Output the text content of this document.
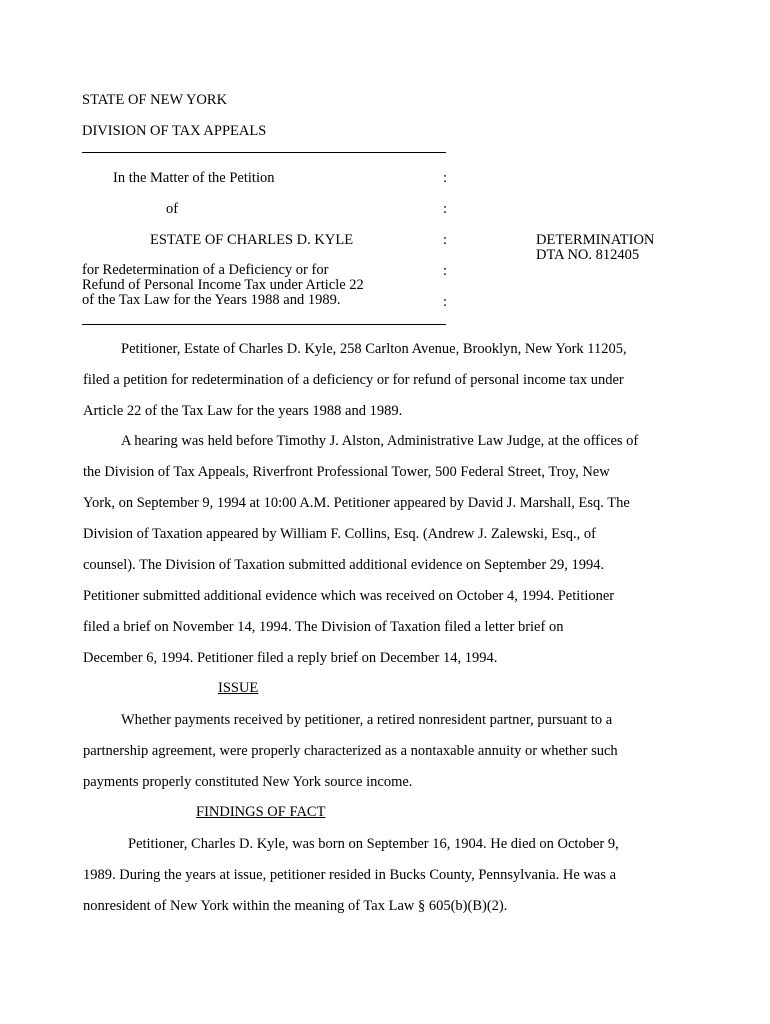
STATE OF NEW YORK
DIVISION OF TAX APPEALS
In the Matter of the Petition	:
of	:
ESTATE OF CHARLES D. KYLE	:	DETERMINATION
DTA NO. 812405
for Redetermination of a Deficiency or for	:
Refund of Personal Income Tax under Article 22
of the Tax Law for the Years 1988 and 1989.	:
Petitioner, Estate of Charles D. Kyle, 258 Carlton Avenue, Brooklyn, New York 11205,
filed a petition for redetermination of a deficiency or for refund of personal income tax under
Article 22 of the Tax Law for the years 1988 and 1989.
A hearing was held before Timothy J. Alston, Administrative Law Judge, at the offices of
the Division of Tax Appeals, Riverfront Professional Tower, 500 Federal Street, Troy, New
York, on September 9, 1994 at 10:00 A.M. Petitioner appeared by David J. Marshall, Esq. The
Division of Taxation appeared by William F. Collins, Esq. (Andrew J. Zalewski, Esq., of
counsel). The Division of Taxation submitted additional evidence on September 29, 1994.
Petitioner submitted additional evidence which was received on October 4, 1994. Petitioner
filed a brief on November 14, 1994. The Division of Taxation filed a letter brief on
December 6, 1994. Petitioner filed a reply brief on December 14, 1994.
ISSUE
Whether payments received by petitioner, a retired nonresident partner, pursuant to a
partnership agreement, were properly characterized as a nontaxable annuity or whether such
payments properly constituted New York source income.
FINDINGS OF FACT
Petitioner, Charles D. Kyle, was born on September 16, 1904. He died on October 9,
1989. During the years at issue, petitioner resided in Bucks County, Pennsylvania. He was a
nonresident of New York within the meaning of Tax Law § 605(b)(B)(2).
